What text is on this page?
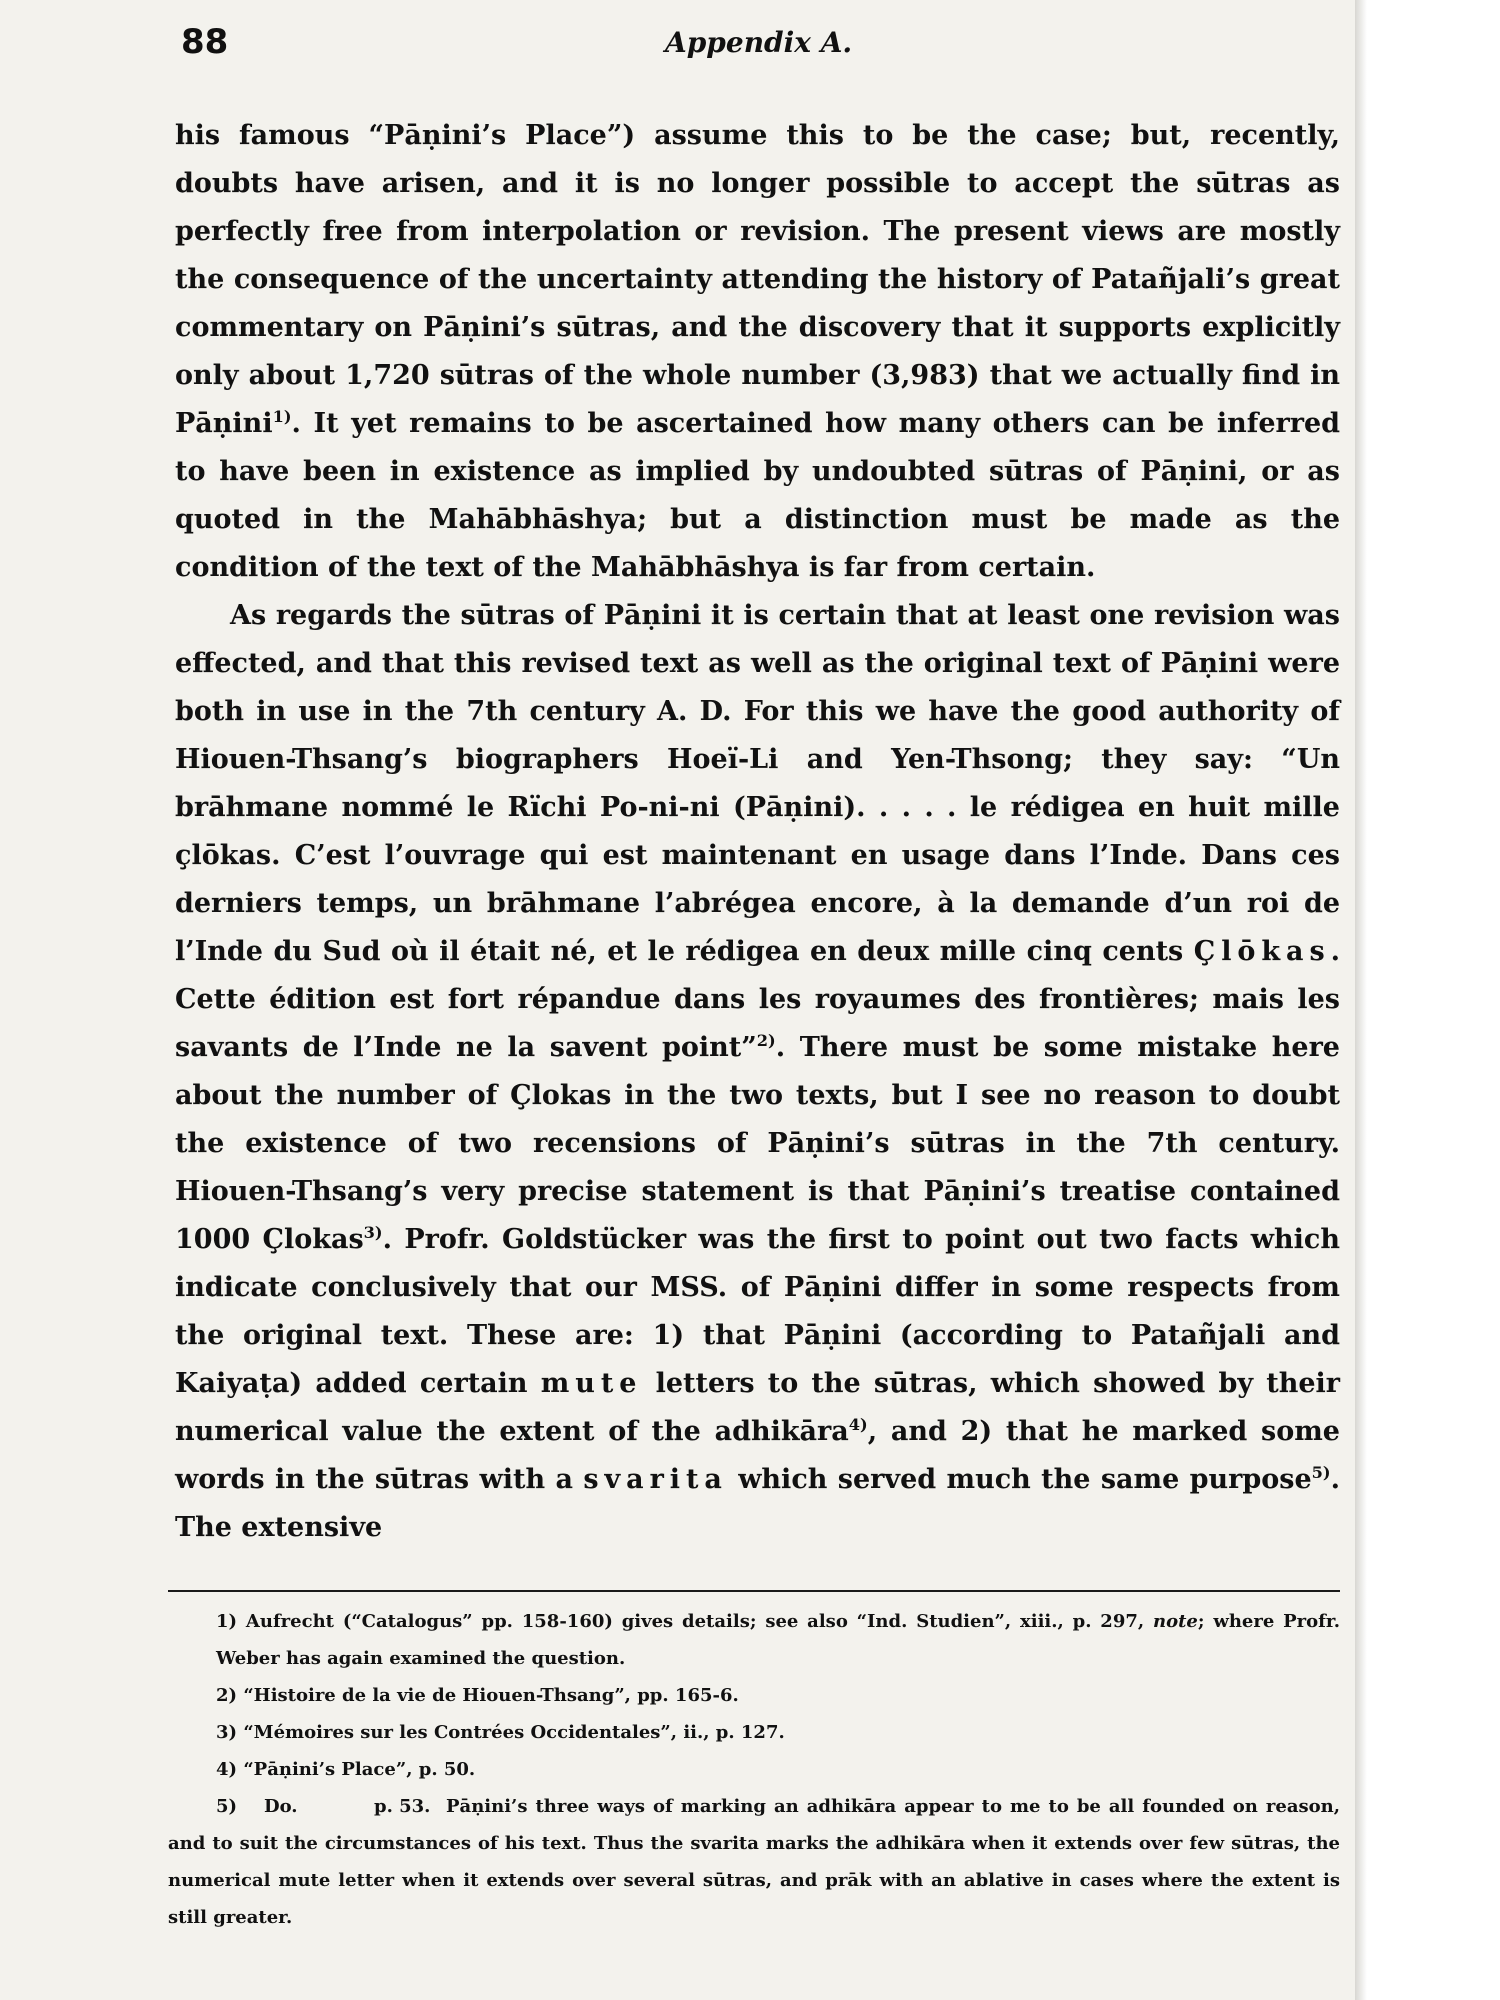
88	Appendix A.

his famous “Pāṇini’s Place”) assume this to be the case; but, recently, doubts have arisen, and it is no longer possible to accept the sūtras as perfectly free from interpolation or revision. The present views are mostly the consequence of the uncertainty attending the history of Patañjali’s great commentary on Pāṇini’s sūtras, and the discovery that it supports explicitly only about 1,720 sūtras of the whole number (3,983) that we actually find in Pāṇini$^{1)}$. It yet remains to be ascertained how many others can be inferred to have been in existence as implied by undoubted sūtras of Pāṇini, or as quoted in the Mahābhāshya; but a distinction must be made as the condition of the text of the Mahābhāshya is far from certain.

As regards the sūtras of Pāṇini it is certain that at least one revision was effected, and that this revised text as well as the original text of Pāṇini were both in use in the 7th century A. D. For this we have the good authority of Hiouen-Thsang’s biographers Hoeï-Li and Yen-Thsong; they say: “Un brāhmane nommé le Rïchi Po-ni-ni (Pāṇini). . . . . le rédigea en huit mille çlōkas. C’est l’ouvrage qui est maintenant en usage dans l’Inde. Dans ces derniers temps, un brāhmane l’abrégea encore, à la demande d’un roi de l’Inde du Sud où il était né, et le rédigea en deux mille cinq cents Çlōkas. Cette édition est fort répandue dans les royaumes des frontières; mais les savants de l’Inde ne la savent point”$^{2)}$. There must be some mistake here about the number of Çlokas in the two texts, but I see no reason to doubt the existence of two recensions of Pāṇini’s sūtras in the 7th century. Hiouen-Thsang’s very precise statement is that Pāṇini’s treatise contained 1000 Çlokas$^{3)}$. Profr. Goldstücker was the first to point out two facts which indicate conclusively that our MSS. of Pāṇini differ in some respects from the original text. These are: 1) that Pāṇini (according to Patañjali and Kaiyaṭa) added certain mute letters to the sūtras, which showed by their numerical value the extent of the adhikāra$^{4)}$, and 2) that he marked some words in the sūtras with a svarita which served much the same purpose$^{5)}$. The extensive

1) Aufrecht (“Catalogus” pp. 158-160) gives details; see also “Ind. Studien”, xiii., p. 297, note; where Profr. Weber has again examined the question.

2) “Histoire de la vie de Hiouen-Thsang”, pp. 165-6.

3) “Mémoires sur les Contrées Occidentales”, ii., p. 127.

4) “Pāṇini’s Place”, p. 50.

5) Do.	p. 53. Pāṇini’s three ways of marking an adhikāra appear to me to be all founded on reason, and to suit the circumstances of his text. Thus the svarita marks the adhikāra when it extends over few sūtras, the numerical mute letter when it extends over several sūtras, and prāk with an ablative in cases where the extent is still greater.
